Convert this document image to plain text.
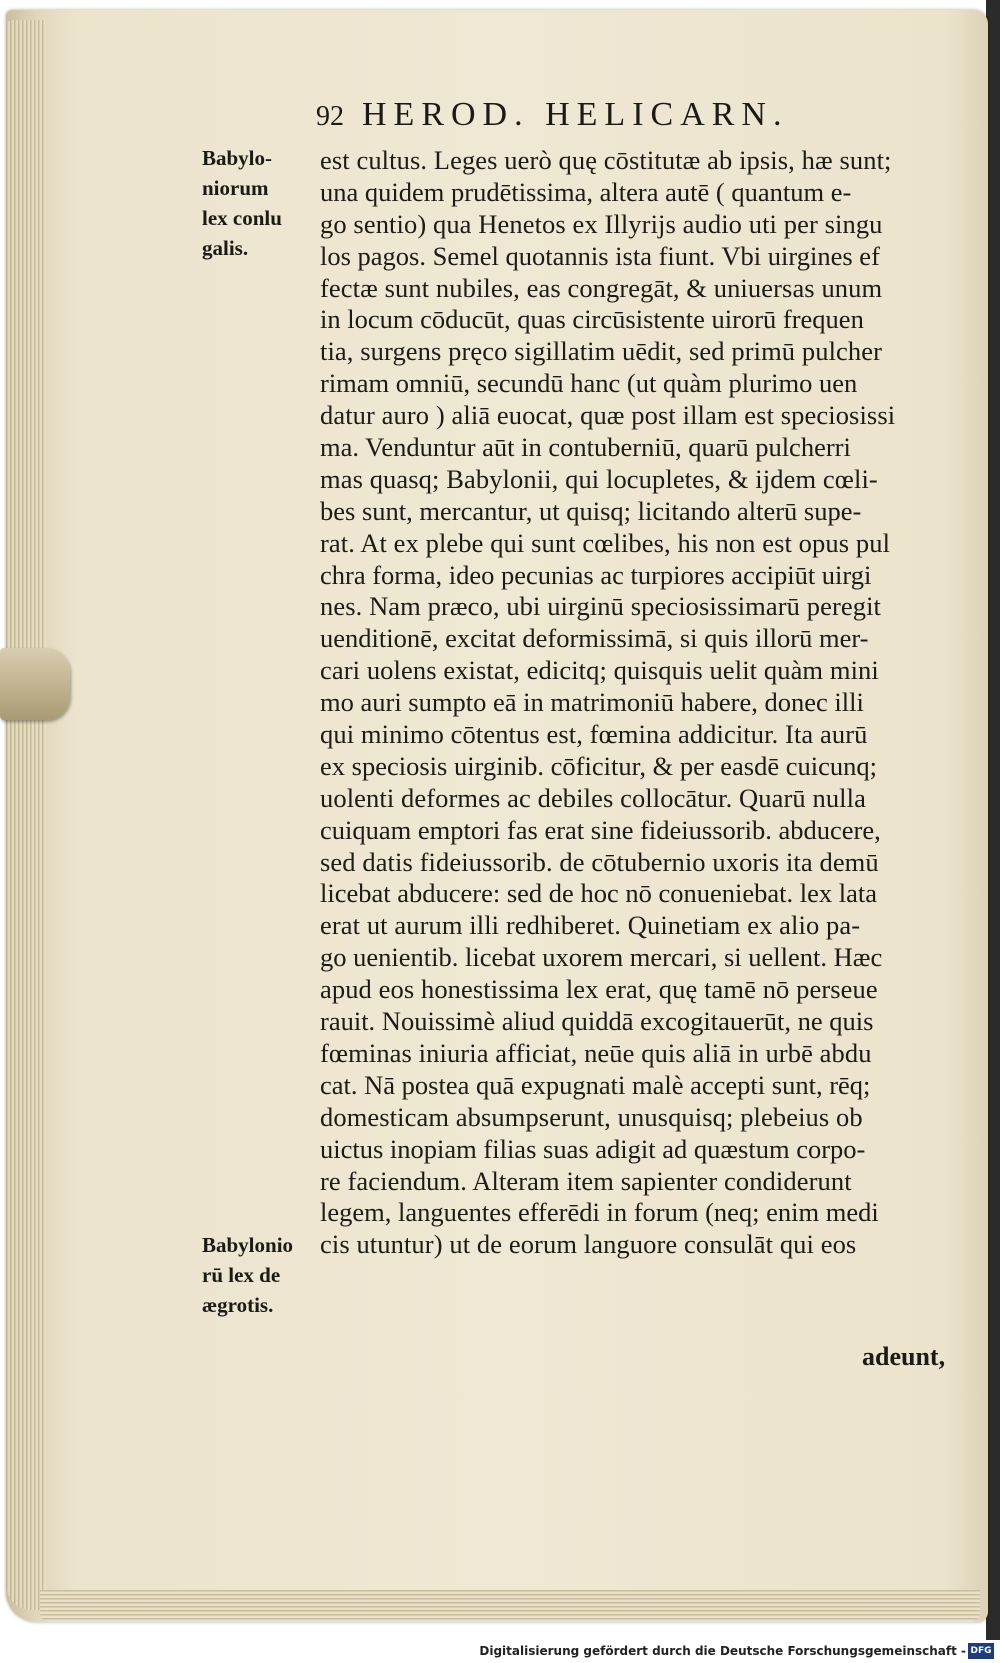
92 HEROD. HELICARN.
Babylo-
niorum
lex conlu
galis.
Babylonio
rū lex de
ægrotis.
est cultus. Leges uerò quę cōstitutæ ab ipsis, hæ sunt;
una quidem prudētissima, altera autē ( quantum e-
go sentio) qua Henetos ex Illyrijs audio uti per singu
los pagos. Semel quotannis ista fiunt. Vbi uirgines ef
fectæ sunt nubiles, eas congregāt, & uniuersas unum
in locum cōducūt, quas circūsistente uirorū frequen
tia, surgens pręco sigillatim uēdit, sed primū pulcher
rimam omniū, secundū hanc (ut quàm plurimo uen
datur auro ) aliā euocat, quæ post illam est speciosissi
ma. Venduntur aūt in contuberniū, quarū pulcherri
mas quasq; Babylonii, qui locupletes, & ijdem cœli-
bes sunt, mercantur, ut quisq; licitando alterū supe-
rat. At ex plebe qui sunt cœlibes, his non est opus pul
chra forma, ideo pecunias ac turpiores accipiūt uirgi
nes. Nam præco, ubi uirginū speciosissimarū peregit
uenditionē, excitat deformissimā, si quis illorū mer-
cari uolens existat, edicitq; quisquis uelit quàm mini
mo auri sumpto eā in matrimoniū habere, donec illi
qui minimo cōtentus est, fœmina addicitur. Ita aurū
ex speciosis uirginib. cōficitur, & per easdē cuicunq;
uolenti deformes ac debiles collocātur. Quarū nulla
cuiquam emptori fas erat sine fideiussorib. abducere,
sed datis fideiussorib. de cōtubernio uxoris ita demū
licebat abducere: sed de hoc nō conueniebat. lex lata
erat ut aurum illi redhiberet. Quinetiam ex alio pa-
go uenientib. licebat uxorem mercari, si uellent. Hæc
apud eos honestissima lex erat, quę tamē nō perseue
rauit. Nouissimè aliud quiddā excogitauerūt, ne quis
fœminas iniuria afficiat, neūe quis aliā in urbē abdu
cat. Nā postea quā expugnati malè accepti sunt, rēq;
domesticam absumpserunt, unusquisq; plebeius ob
uictus inopiam filias suas adigit ad quæstum corpo-
re faciendum. Alteram item sapienter condiderunt
legem, languentes efferēdi in forum (neq; enim medi
cis utuntur) ut de eorum languore consulāt qui eos
adeunt,
Digitalisierung gefördert durch die Deutsche Forschungsgemeinschaft - DFG
